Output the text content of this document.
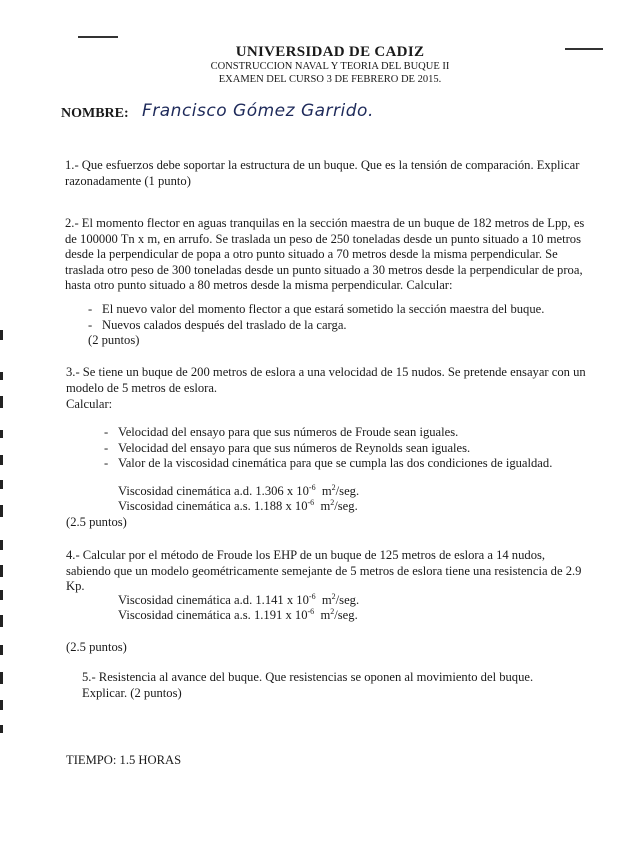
UNIVERSIDAD DE CADIZ
CONSTRUCCION NAVAL Y TEORIA DEL BUQUE II
EXAMEN DEL CURSO 3 DE FEBRERO DE 2015.
NOMBRE: Francisco Gómez Garrido.
1.- Que esfuerzos debe soportar la estructura de un buque. Que es la tensión de comparación. Explicar razonadamente (1 punto)
2.- El momento flector en aguas tranquilas en la sección maestra de un buque de 182 metros de Lpp, es de 100000 Tn x m, en arrufo. Se traslada un peso de 250 toneladas desde un punto situado a 10 metros desde la perpendicular de popa a otro punto situado a 70 metros desde la misma perpendicular. Se traslada otro peso de 300 toneladas desde un punto situado a 30 metros desde la perpendicular de proa, hasta otro punto situado a 80 metros desde la misma perpendicular. Calcular:
- El nuevo valor del momento flector a que estará sometido la sección maestra del buque.
- Nuevos calados después del traslado de la carga.
(2 puntos)
3.- Se tiene un buque de 200 metros de eslora a una velocidad de 15 nudos. Se pretende ensayar con un modelo de 5 metros de eslora.
Calcular:
- Velocidad del ensayo para que sus números de Froude sean iguales.
- Velocidad del ensayo para que sus números de Reynolds sean iguales.
- Valor de la viscosidad cinemática para que se cumpla las dos condiciones de igualdad.
Viscosidad cinemática a.d. 1.306 x $10^{-6}$ $m^2$/seg.
Viscosidad cinemática a.s. 1.188 x $10^{-6}$ $m^2$/seg.
(2.5 puntos)
4.- Calcular por el método de Froude los EHP de un buque de 125 metros de eslora a 14 nudos, sabiendo que un modelo geométricamente semejante de 5 metros de eslora tiene una resistencia de 2.9 Kp.
Viscosidad cinemática a.d. 1.141 x $10^{-6}$ $m^2$/seg.
Viscosidad cinemática a.s. 1.191 x $10^{-6}$ $m^2$/seg.
(2.5 puntos)
5.- Resistencia al avance del buque. Que resistencias se oponen al movimiento del buque. Explicar. (2 puntos)
TIEMPO: 1.5 HORAS
